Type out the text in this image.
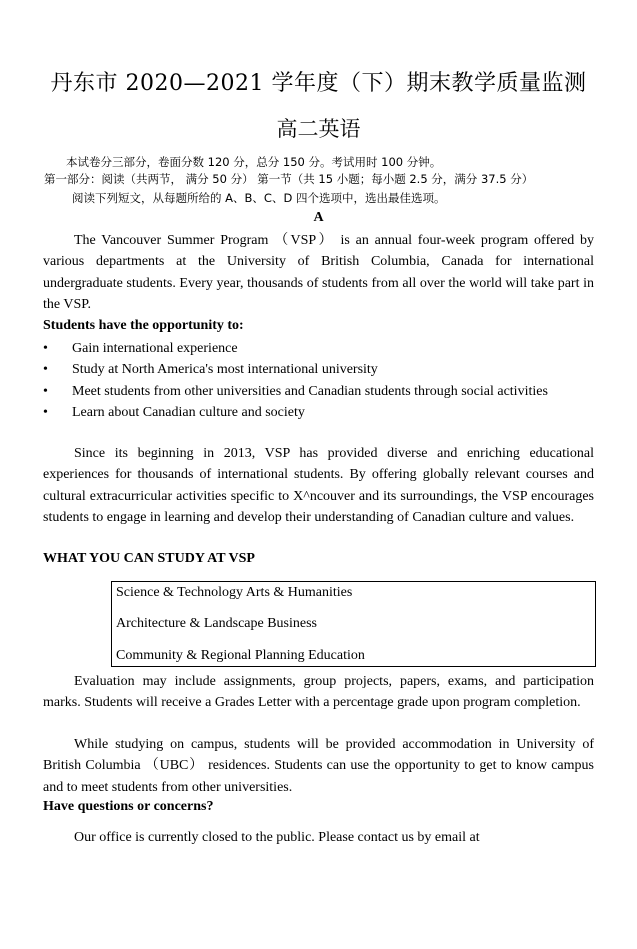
丹东市 2020—2021 学年度（下）期末教学质量监测
高二英语
本试卷分三部分，卷面分数 120 分，总分 150 分。考试用时 100 分钟。
第一部分：阅读（共两节， 满分 50 分） 第一节（共 15 小题；每小题 2.5 分，满分 37.5 分）
阅读下列短文，从每题所给的 A、B、C、D 四个选项中，选出最佳选项。
A

The Vancouver Summer Program （VSP） is an annual four-week program offered by various departments at the University of British Columbia, Canada for international undergraduate students. Every year, thousands of students from all over the world will take part in the VSP.

Students have the opportunity to:
• Gain international experience
• Study at North America's most international university
• Meet students from other universities and Canadian students through social activities
• Learn about Canadian culture and society

Since its beginning in 2013, VSP has provided diverse and enriching educational experiences for thousands of international students. By offering globally relevant courses and cultural extracurricular activities specific to X^ncouver and its surroundings, the VSP encourages students to engage in learning and develop their understanding of Canadian culture and values.

WHAT YOU CAN STUDY AT VSP
Science & Technology Arts & Humanities
Architecture & Landscape Business
Community & Regional Planning Education

Evaluation may include assignments, group projects, papers, exams, and participation marks. Students will receive a Grades Letter with a percentage grade upon program completion.

While studying on campus, students will be provided accommodation in University of British Columbia （UBC） residences. Students can use the opportunity to get to know campus and to meet students from other universities.

Have questions or concerns?

Our office is currently closed to the public. Please contact us by email at
